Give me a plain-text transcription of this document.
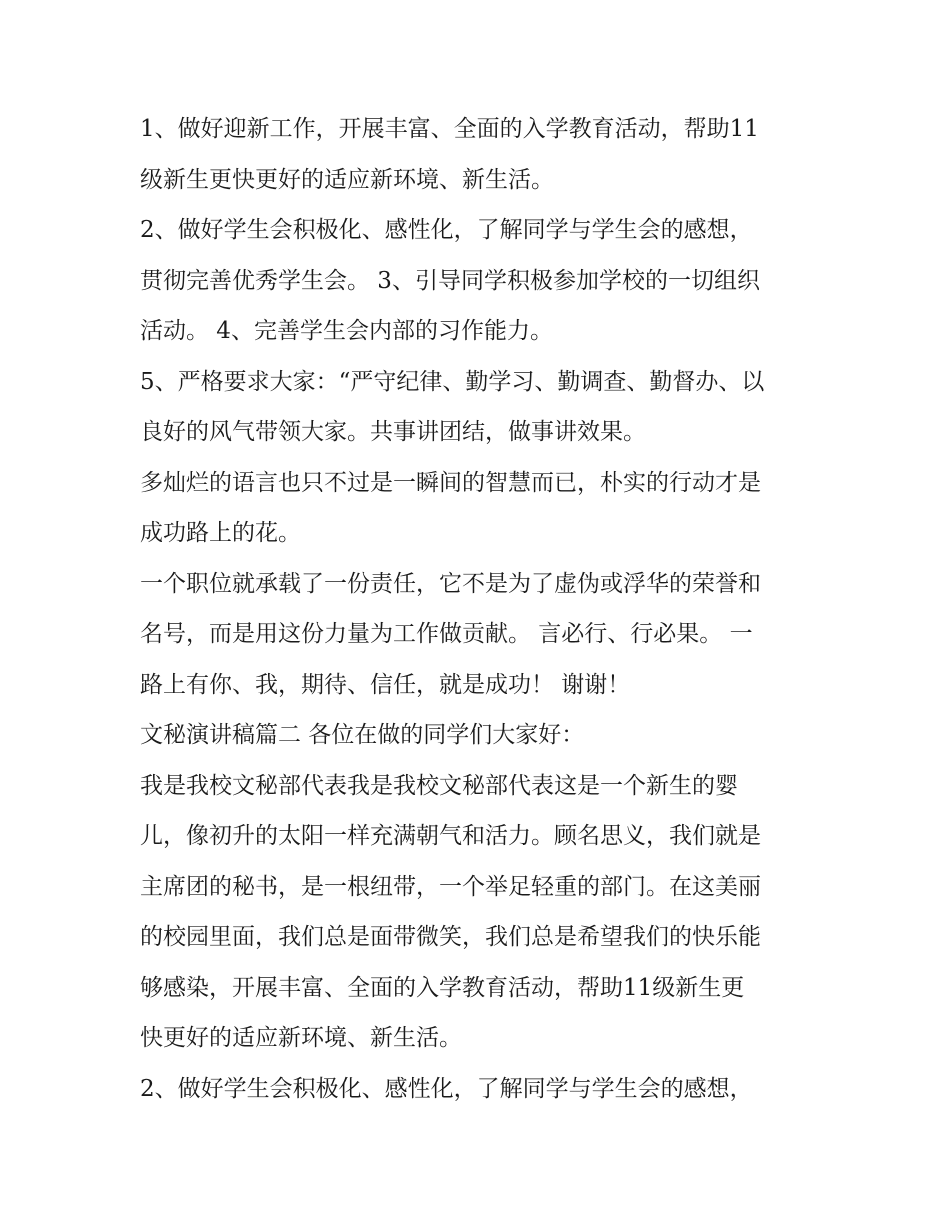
1、做好迎新工作，开展丰富、全面的入学教育活动，帮助11
级新生更快更好的适应新环境、新生活。
2、做好学生会积极化、感性化，了解同学与学生会的感想，
贯彻完善优秀学生会。 3、引导同学积极参加学校的一切组织
活动。 4、完善学生会内部的习作能力。
5、严格要求大家：“严守纪律、勤学习、勤调查、勤督办、以
良好的风气带领大家。共事讲团结，做事讲效果。
多灿烂的语言也只不过是一瞬间的智慧而已，朴实的行动才是
成功路上的花。
一个职位就承载了一份责任，它不是为了虚伪或浮华的荣誉和
名号，而是用这份力量为工作做贡献。 言必行、行必果。 一
路上有你、我，期待、信任，就是成功！ 谢谢！
文秘演讲稿篇二 各位在做的同学们大家好：
我是我校文秘部代表我是我校文秘部代表这是一个新生的婴
儿，像初升的太阳一样充满朝气和活力。顾名思义，我们就是
主席团的秘书，是一根纽带，一个举足轻重的部门。在这美丽
的校园里面，我们总是面带微笑，我们总是希望我们的快乐能
够感染，开展丰富、全面的入学教育活动，帮助11级新生更
快更好的适应新环境、新生活。
2、做好学生会积极化、感性化，了解同学与学生会的感想，
